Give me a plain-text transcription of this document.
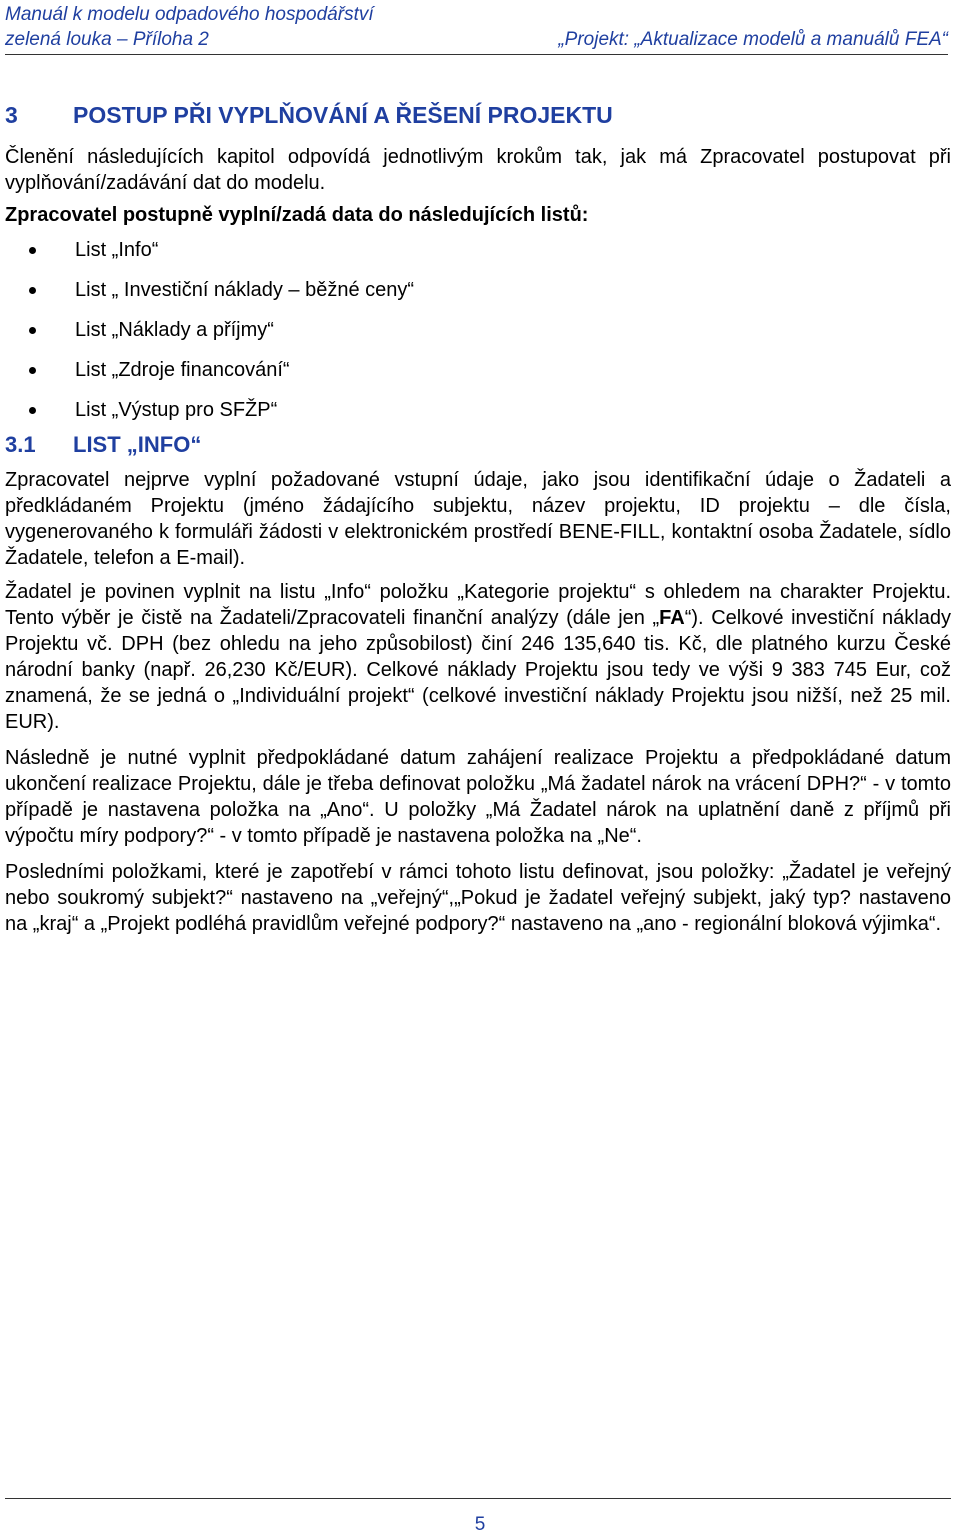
Manuál k modelu odpadového hospodářství
zelená louka – Příloha 2	„Projekt: „Aktualizace modelů a manuálů FEA“
3	POSTUP PŘI VYPLŇOVÁNÍ A ŘEŠENÍ PROJEKTU

Členění následujících kapitol odpovídá jednotlivým krokům tak, jak má Zpracovatel postupovat při vyplňování/zadávání dat do modelu.

Zpracovatel postupně vyplní/zadá data do následujících listů:

List „Info“
List „ Investiční náklady – běžné ceny“
List „Náklady a příjmy“
List „Zdroje financování“
List „Výstup pro SFŽP“
3.1	LIST „INFO“

Zpracovatel nejprve vyplní požadované vstupní údaje, jako jsou identifikační údaje o Žadateli a předkládaném Projektu (jméno žádajícího subjektu, název projektu, ID projektu – dle čísla, vygenerovaného k formuláři žádosti v elektronickém prostředí BENE-FILL, kontaktní osoba Žadatele, sídlo Žadatele, telefon a E-mail).

Žadatel je povinen vyplnit na listu „Info“ položku „Kategorie projektu“ s ohledem na charakter Projektu. Tento výběr je čistě na Žadateli/Zpracovateli finanční analýzy (dále jen „FA“). Celkové investiční náklady Projektu vč. DPH (bez ohledu na jeho způsobilost) činí 246 135,640 tis. Kč, dle platného kurzu České národní banky (např. 26,230 Kč/EUR). Celkové náklady Projektu jsou tedy ve výši 9 383 745 Eur, což znamená, že se jedná o „Individuální projekt“ (celkové investiční náklady Projektu jsou nižší, než 25 mil. EUR).

Následně je nutné vyplnit předpokládané datum zahájení realizace Projektu a předpokládané datum ukončení realizace Projektu, dále je třeba definovat položku „Má žadatel nárok na vrácení DPH?“ - v tomto případě je nastavena položka na „Ano“. U položky „Má Žadatel nárok na uplatnění daně z příjmů při výpočtu míry podpory?“ - v tomto případě je nastavena položka na „Ne“.

Posledními položkami, které je zapotřebí v rámci tohoto listu definovat, jsou položky: „Žadatel je veřejný nebo soukromý subjekt?“ nastaveno na „veřejný“,„Pokud je žadatel veřejný subjekt, jaký typ? nastaveno na „kraj“ a „Projekt podléhá pravidlům veřejné podpory?“ nastaveno na „ano - regionální bloková výjimka“.

5
